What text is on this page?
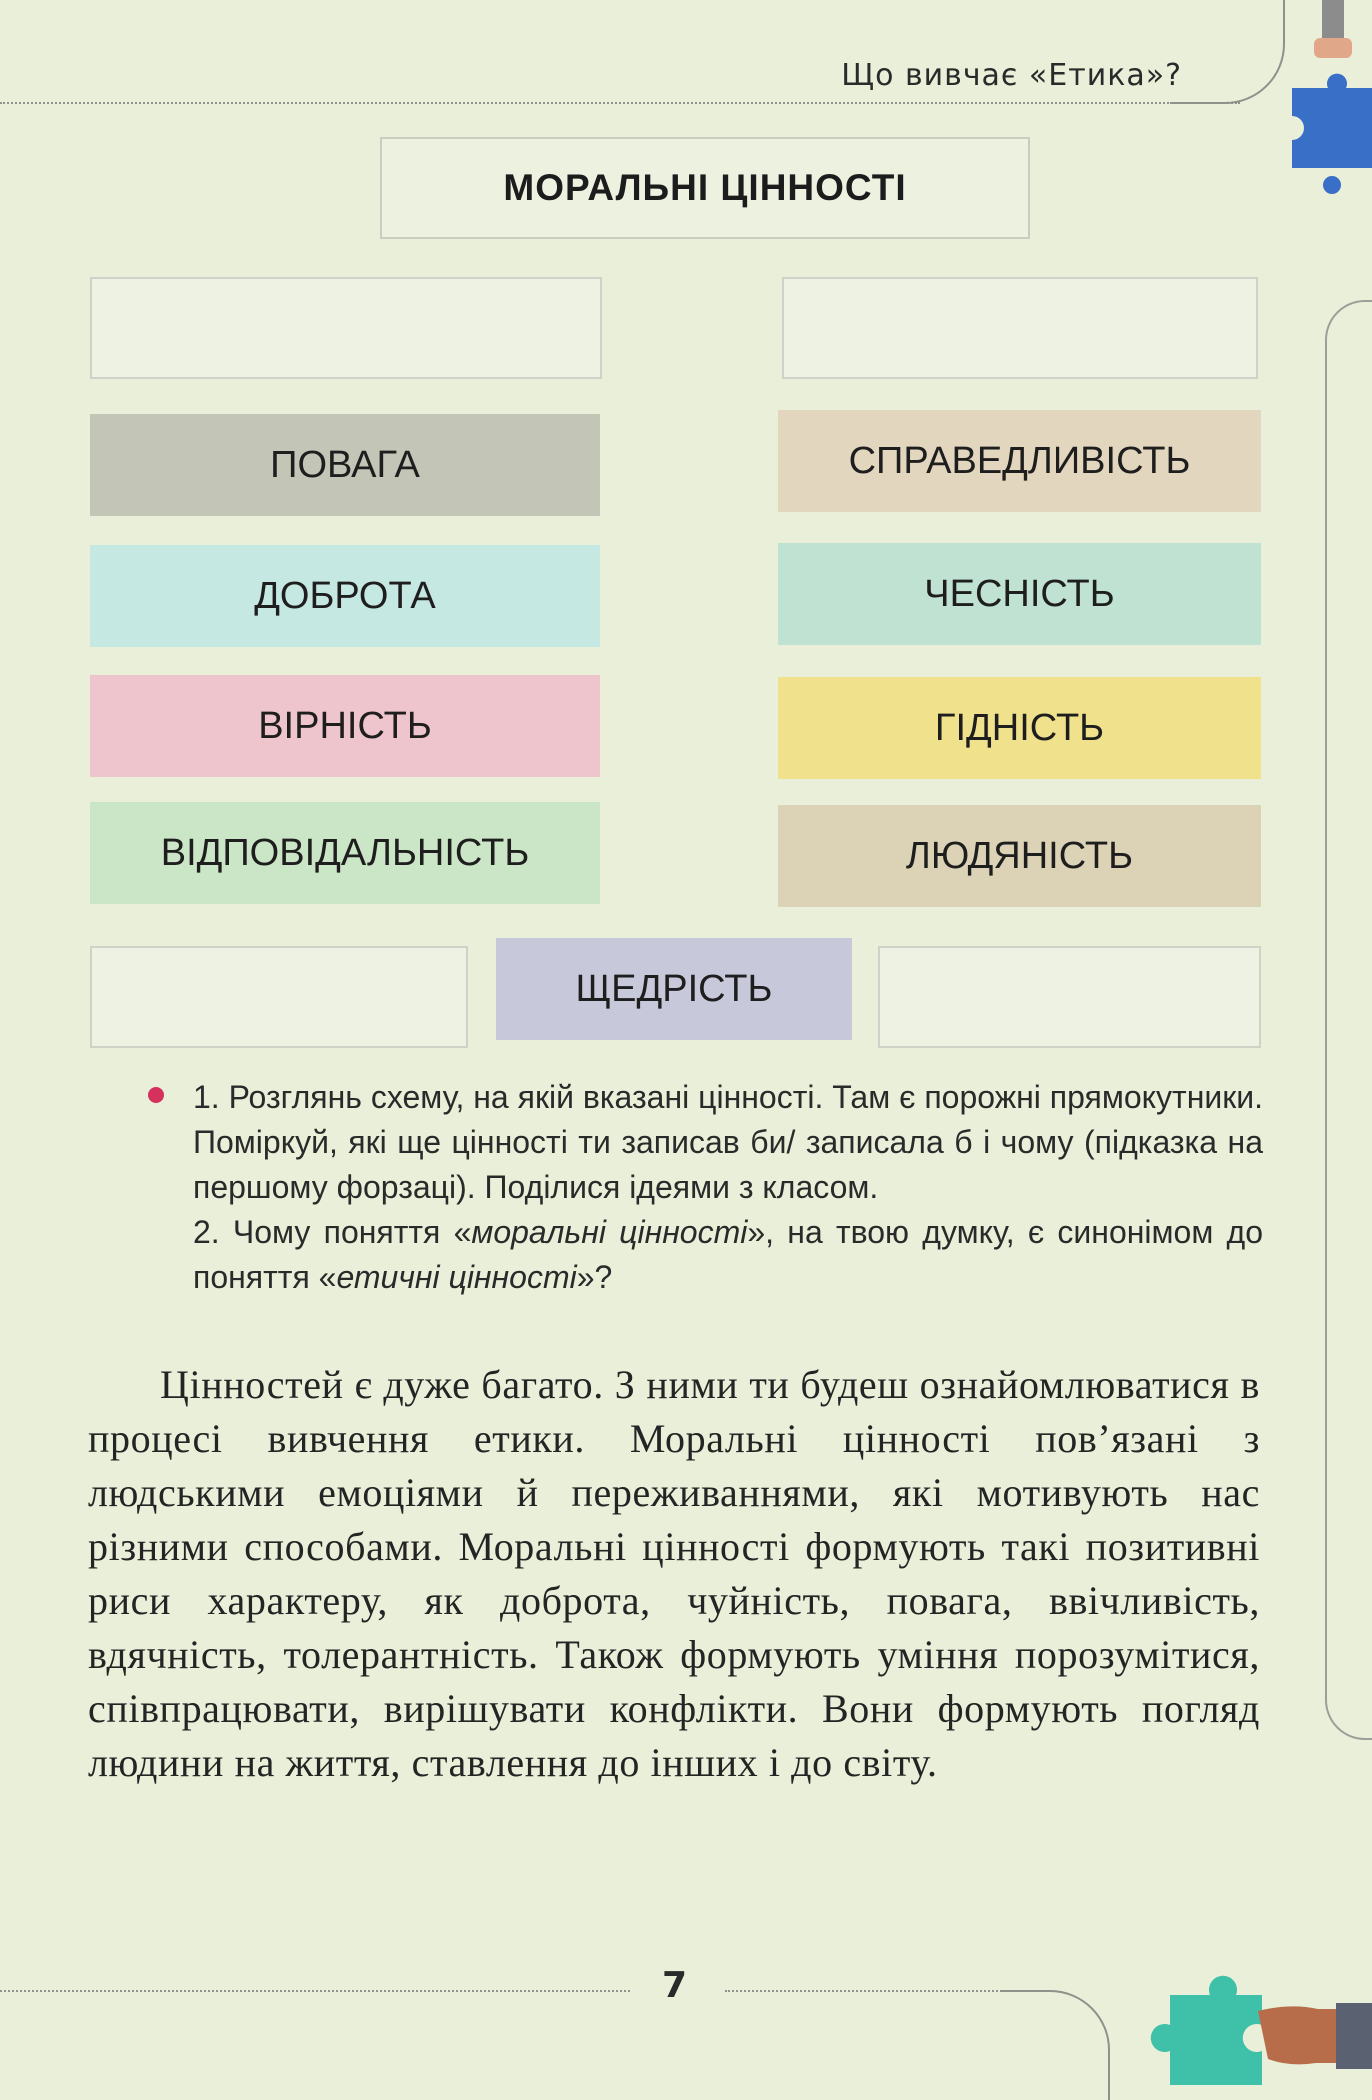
Що вивчає «Етика»?
МОРАЛЬНІ ЦІННОСТІ
ПОВАГА	СПРАВЕДЛИВІСТЬ
ДОБРОТА	ЧЕСНІСТЬ
ВІРНІСТЬ	ГІДНІСТЬ
ВІДПОВІДАЛЬНІСТЬ	ЛЮДЯНІСТЬ
ЩЕДРІСТЬ

1. Розглянь схему, на якій вказані цінності. Там є порожні прямокутники. Поміркуй, які ще цінності ти записав би/ записала б і чому (підказка на першому форзаці). Поділися ідеями з класом.

2. Чому поняття «моральні цінності», на твою думку, є синонімом до поняття «етичні цінності»?

Цінностей є дуже багато. З ними ти будеш ознайомлюватися в процесі вивчення етики. Моральні цінності пов’язані з людськими емоціями й переживаннями, які мотивують нас різними способами. Моральні цінності формують такі позитивні риси характеру, як доброта, чуйність, повага, ввічливість, вдячність, толерантність. Також формують уміння порозумітися, співпрацювати, вирішувати конфлікти. Вони формують погляд людини на життя, ставлення до інших і до світу.
7
